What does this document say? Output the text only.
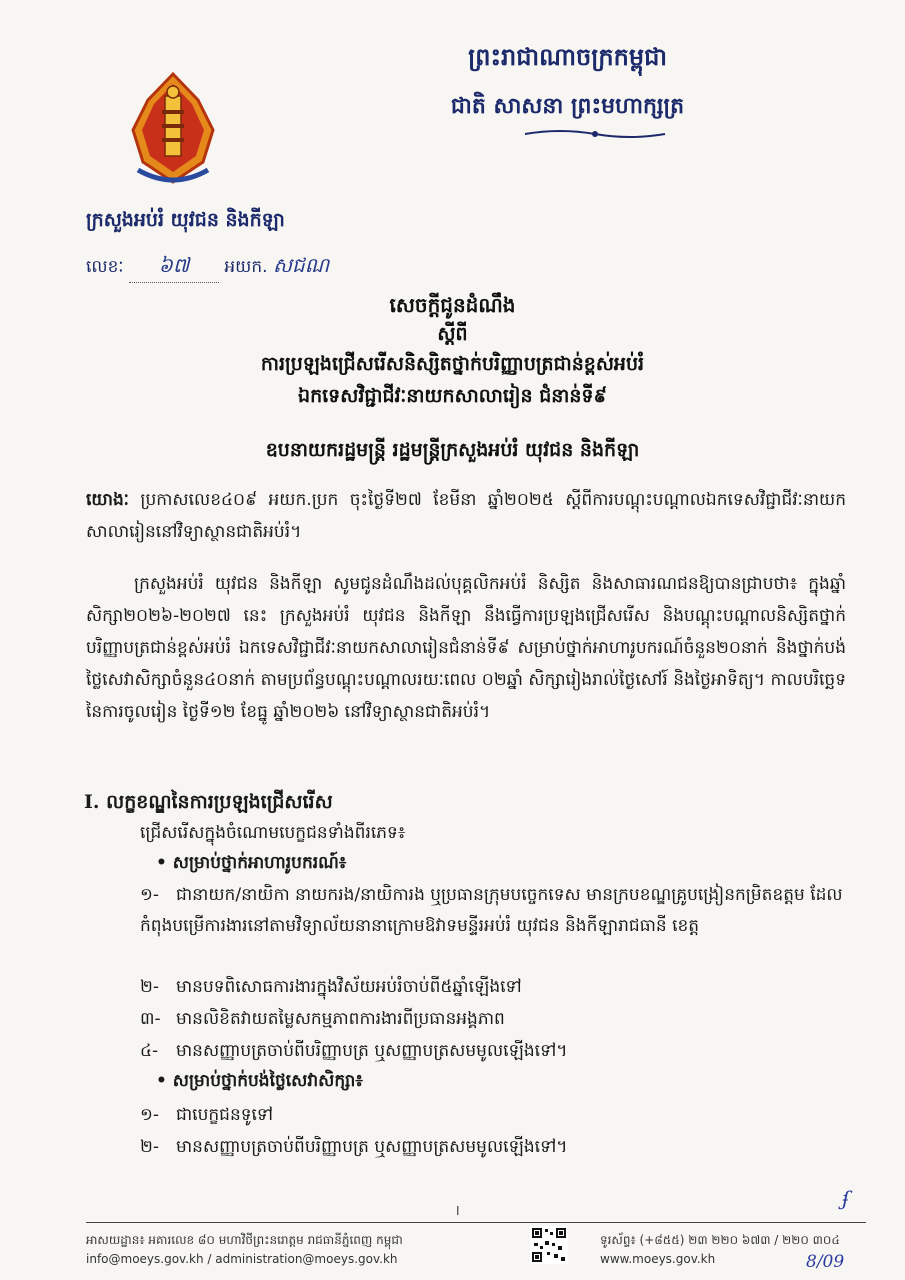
ព្រះរាជាណាចក្រកម្ពុជា
ជាតិ សាសនា ព្រះមហាក្សត្រ
ក្រសួងអប់រំ យុវជន និងកីឡា
លេខៈ ៦៧ អយក. សជណ
សេចក្តីជូនដំណឹង
ស្តីពី
ការប្រឡងជ្រើសរើសនិស្សិតថ្នាក់បរិញ្ញាបត្រជាន់ខ្ពស់អប់រំ
ឯកទេសវិជ្ជាជីវៈនាយកសាលារៀន ជំនាន់ទី៩
ឧបនាយករដ្ឋមន្ត្រី រដ្ឋមន្ត្រីក្រសួងអប់រំ យុវជន និងកីឡា
យោងៈ ប្រកាសលេខ៤០៩ អយក.ប្រក ចុះថ្ងៃទី២៧ ខែមីនា ឆ្នាំ២០២៥ ស្តីពីការបណ្តុះបណ្តាលឯកទេសវិជ្ជាជីវៈនាយកសាលារៀននៅវិទ្យាស្ថានជាតិអប់រំ។
ក្រសួងអប់រំ យុវជន និងកីឡា សូមជូនដំណឹងដល់បុគ្គលិកអប់រំ និស្សិត និងសាធារណជនឱ្យបានជ្រាបថា៖ ក្នុងឆ្នាំសិក្សា២០២៦-២០២៧ នេះ ក្រសួងអប់រំ យុវជន និងកីឡា នឹងធ្វើការប្រឡងជ្រើសរើស និងបណ្តុះបណ្តាលនិស្សិតថ្នាក់បរិញ្ញាបត្រជាន់ខ្ពស់អប់រំ ឯកទេសវិជ្ជាជីវៈនាយកសាលារៀនជំនាន់ទី៩ សម្រាប់ថ្នាក់អាហារូបករណ៍ចំនួន២០នាក់ និងថ្នាក់បង់ថ្លៃសេវាសិក្សាចំនួន៤០នាក់ តាមប្រព័ន្ធបណ្តុះបណ្តាលរយៈពេល ០២ឆ្នាំ សិក្សារៀងរាល់ថ្ងៃសៅរ៍ និងថ្ងៃអាទិត្យ។ កាលបរិច្ឆេទនៃការចូលរៀន ថ្ងៃទី១២ ខែធ្នូ ឆ្នាំ២០២៦ នៅវិទ្យាស្ថានជាតិអប់រំ។
I. លក្ខខណ្ឌនៃការប្រឡងជ្រើសរើស
ជ្រើសរើសក្នុងចំណោមបេក្ខជនទាំងពីរភេទ៖
• សម្រាប់ថ្នាក់អាហារូបករណ៍៖
១- ជានាយក/នាយិកា នាយករង/នាយិការង ឬប្រធានក្រុមបច្ចេកទេស មានក្របខណ្ឌគ្រូបង្រៀនកម្រិតឧត្តម ដែលកំពុងបម្រើការងារនៅតាមវិទ្យាល័យនានាក្រោមឱវាទមន្ទីរអប់រំ យុវជន និងកីឡារាជធានី ខេត្ត
២- មានបទពិសោធការងារក្នុងវិស័យអប់រំចាប់ពី៥ឆ្នាំឡើងទៅ
៣- មានលិខិតវាយតម្លៃសកម្មភាពការងារពីប្រធានអង្គភាព
៤- មានសញ្ញាបត្រចាប់ពីបរិញ្ញាបត្រ ឬសញ្ញាបត្រសមមូលឡើងទៅ។
• សម្រាប់ថ្នាក់បង់ថ្លៃសេវាសិក្សា៖
១- ជាបេក្ខជនទូទៅ
២- មានសញ្ញាបត្រចាប់ពីបរិញ្ញាបត្រ ឬសញ្ញាបត្រសមមូលឡើងទៅ។
I
ʄ
អាសយដ្ឋាន៖ អគារលេខ ៨០ មហាវិថីព្រះនរោត្តម រាជធានីភ្នំពេញ កម្ពុជា
info@moeys.gov.kh / administration@moeys.gov.kh
ទូរស័ព្ទ៖ (+៨៥៥) ២៣ ២២០ ៦៧៣ / ២២០ ៣០៤
www.moeys.gov.kh	8/09
